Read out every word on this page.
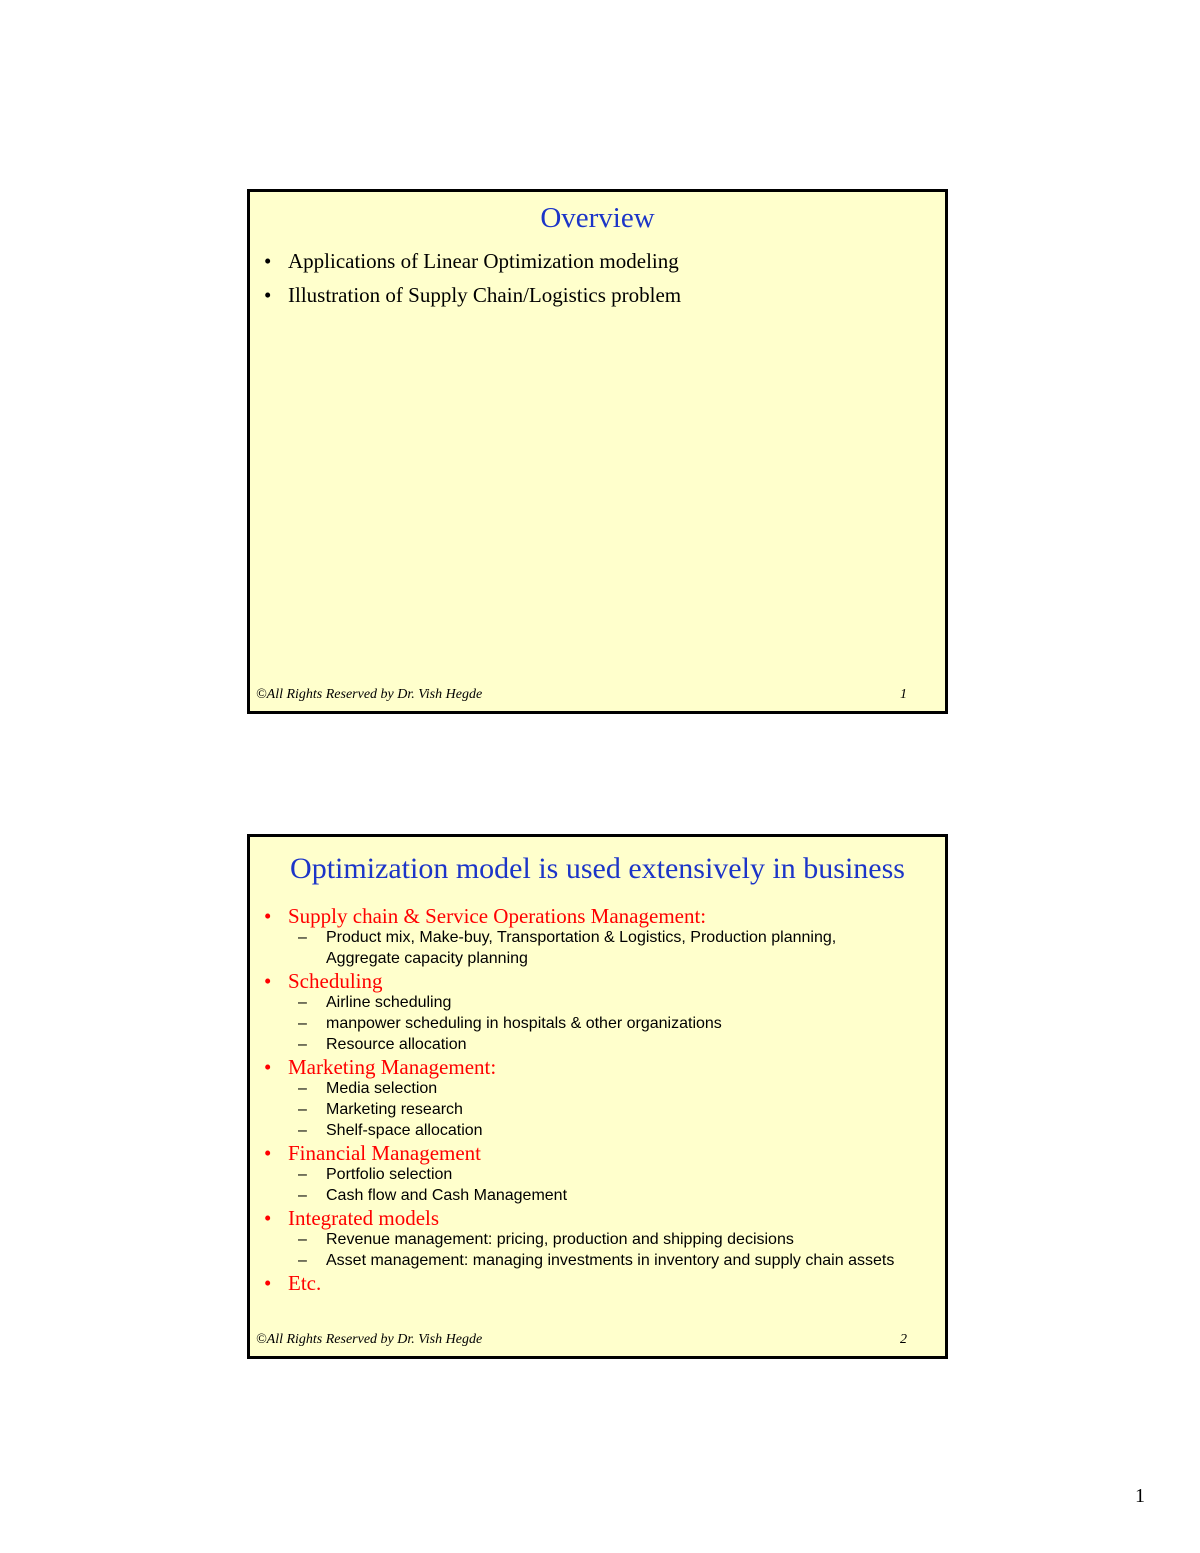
Overview
• Applications of Linear Optimization modeling
• Illustration of Supply Chain/Logistics problem
©All Rights Reserved by Dr. Vish Hegde	1
Optimization model is used extensively in business
• Supply chain & Service Operations Management:
– Product mix, Make-buy, Transportation & Logistics, Production planning,
Aggregate capacity planning
• Scheduling
– Airline scheduling
– manpower scheduling in hospitals & other organizations
– Resource allocation
• Marketing Management:
– Media selection
– Marketing research
– Shelf-space allocation
• Financial Management
– Portfolio selection
– Cash flow and Cash Management
• Integrated models
– Revenue management: pricing, production and shipping decisions
– Asset management: managing investments in inventory and supply chain assets
• Etc.
©All Rights Reserved by Dr. Vish Hegde	2
1
